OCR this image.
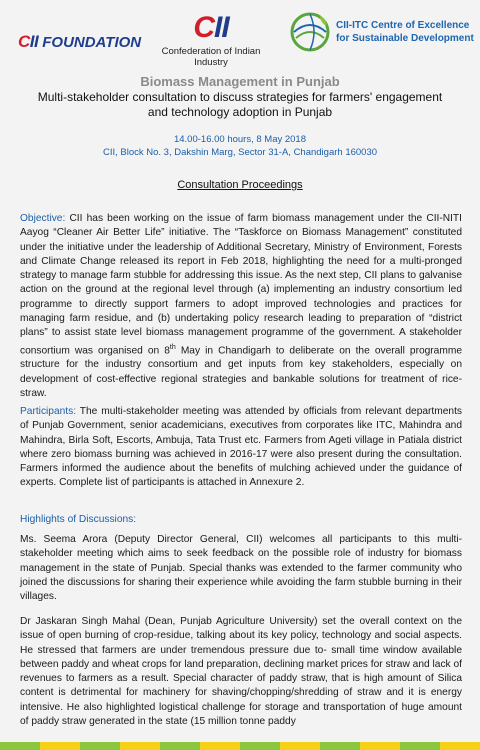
CII FOUNDATION	CII
Confederation of Indian Industry
CII-ITC Centre of Excellence
for Sustainable Development
Biomass Management in Punjab
Multi-stakeholder consultation to discuss strategies for farmers' engagement and technology adoption in Punjab
14.00-16.00 hours, 8 May 2018
CII, Block No. 3, Dakshin Marg, Sector 31-A, Chandigarh 160030
Consultation Proceedings
Objective: CII has been working on the issue of farm biomass management under the CII-NITI Aayog “Cleaner Air Better Life” initiative. The “Taskforce on Biomass Management” constituted under the initiative under the leadership of Additional Secretary, Ministry of Environment, Forests and Climate Change released its report in Feb 2018, highlighting the need for a multi-pronged strategy to manage farm stubble for addressing this issue. As the next step, CII plans to galvanise action on the ground at the regional level through (a) implementing an industry consortium led programme to directly support farmers to adopt improved technologies and practices for managing farm residue, and (b) undertaking policy research leading to preparation of “district plans” to assist state level biomass management programme of the government. A stakeholder consortium was organised on 8th May in Chandigarh to deliberate on the overall programme structure for the industry consortium and get inputs from key stakeholders, especially on development of cost-effective regional strategies and bankable solutions for treatment of rice-straw.
Participants: The multi-stakeholder meeting was attended by officials from relevant departments of Punjab Government, senior academicians, executives from corporates like ITC, Mahindra and Mahindra, Birla Soft, Escorts, Ambuja, Tata Trust etc. Farmers from Ageti village in Patiala district where zero biomass burning was achieved in 2016-17 were also present during the consultation. Farmers informed the audience about the benefits of mulching achieved under the guidance of experts. Complete list of participants is attached in Annexure 2.
Highlights of Discussions:
Ms. Seema Arora (Deputy Director General, CII) welcomes all participants to this multi-stakeholder meeting which aims to seek feedback on the possible role of industry for biomass management in the state of Punjab. Special thanks was extended to the farmer community who joined the discussions for sharing their experience while avoiding the farm stubble burning in their villages.
Dr Jaskaran Singh Mahal (Dean, Punjab Agriculture University) set the overall context on the issue of open burning of crop-residue, talking about its key policy, technology and social aspects. He stressed that farmers are under tremendous pressure due to- small time window available between paddy and wheat crops for land preparation, declining market prices for straw and lack of revenues to farmers as a result. Special character of paddy straw, that is high amount of Silica content is detrimental for machinery for shaving/chopping/shredding of straw and it is energy intensive. He also highlighted logistical challenge for storage and transportation of huge amount of paddy straw generated in the state (15 million tonne paddy
